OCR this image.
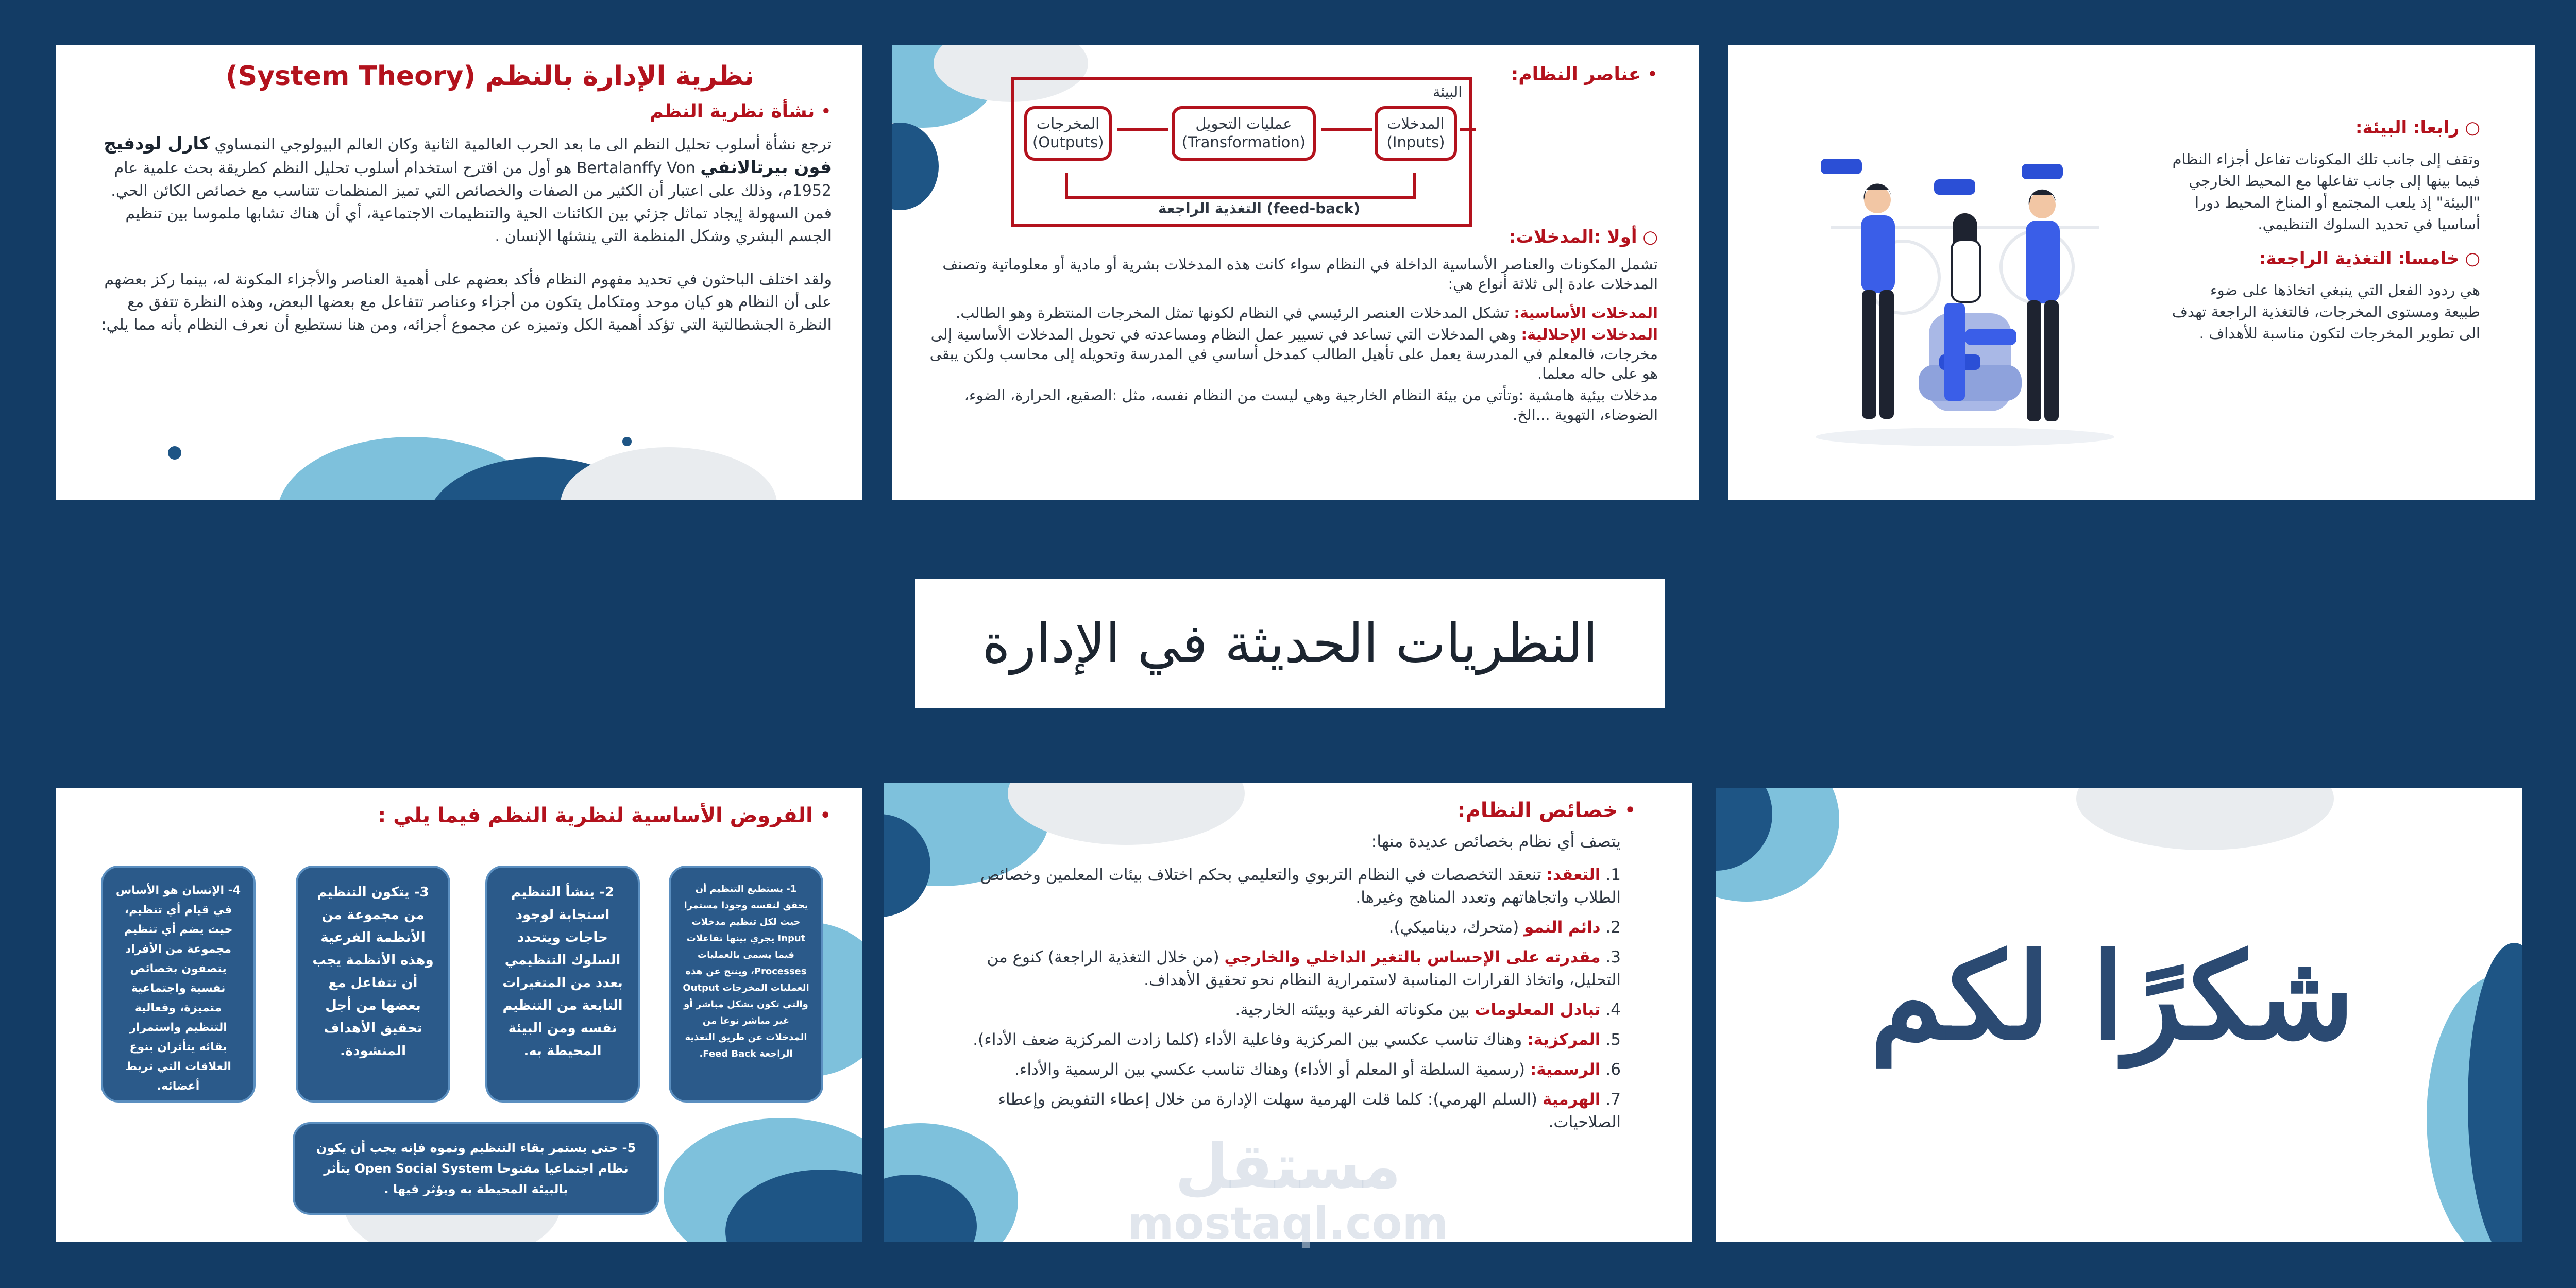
نظرية الإدارة بالنظم (System Theory)
• نشأة نظرية النظم

ترجع نشأة أسلوب تحليل النظم الى ما بعد الحرب العالمية الثانية وكان العالم البيولوجي النمساوي كارل لودفيج فون بيرتالانفي Bertalanffy Von هو أول من اقترح استخدام أسلوب تحليل النظم كطريقة بحث علمية عام 1952م، وذلك على اعتبار أن الكثير من الصفات والخصائص التي تميز المنظمات تتناسب مع خصائص الكائن الحي. فمن السهولة إيجاد تماثل جزئي بين الكائنات الحية والتنظيمات الاجتماعية، أي أن هناك تشابها ملموسا بين تنظيم الجسم البشري وشكل المنظمة التي ينشئها الإنسان .

ولقد اختلف الباحثون في تحديد مفهوم النظام فأكد بعضهم على أهمية العناصر والأجزاء المكونة له، بينما ركز بعضهم على أن النظام هو كيان موحد ومتكامل يتكون من أجزاء وعناصر تتفاعل مع بعضها البعض، وهذه النظرة تتفق مع النظرة الجشطالتية التي تؤكد أهمية الكل وتميزه عن مجموع أجزائه، ومن هنا نستطيع أن نعرف النظام بأنه مما يلي:

• عناصر النظام:
البيئة
المدخلات (Inputs)
عمليات التحويل (Transformation)
المخرجات (Outputs)
التغذية الراجعة (feed-back)
○ أولا :المدخلات:

تشمل المكونات والعناصر الأساسية الداخلة في النظام سواء كانت هذه المدخلات بشرية أو مادية أو معلوماتية وتصنف المدخلات عادة إلى ثلاثة أنواع هي:

المدخلات الأساسية: تشكل المدخلات العنصر الرئيسي في النظام لكونها تمثل المخرجات المنتظرة وهو الطالب.

المدخلات الإحلالية: وهي المدخلات التي تساعد في تسيير عمل النظام ومساعدته في تحويل المدخلات الأساسية إلى مخرجات، فالمعلم في المدرسة يعمل على تأهيل الطالب كمدخل أساسي في المدرسة وتحويله إلى محاسب ولكن يبقى هو على حاله معلما.

مدخلات بيئية هامشية :وتأتي من بيئة النظام الخارجية وهي ليست من النظام نفسه، مثل :الصقيع، الحرارة، الضوء، الضوضاء، التهوية ...الخ.

○ رابعا: البيئة:

وتقف إلى جانب تلك المكونات تفاعل أجزاء النظام فيما بينها إلى جانب تفاعلها مع المحيط الخارجي "البيئة" إذ يلعب المجتمع أو المناخ المحيط دورا أساسيا في تحديد السلوك التنظيمي.

○ خامسا: التغذية الراجعة:

هي ردود الفعل التي ينبغي اتخاذها على ضوء طبيعة ومستوى المخرجات، فالتغذية الراجعة تهدف الى تطوير المخرجات لتكون مناسبة للأهداف .

النظريات الحديثة في الإدارة
• الفروض الأساسية لنظرية النظم فيما يلي :
1- يستطيع التنظيم أن يحقق لنفسه وجودا مستمرا حيث لكل تنظيم مدخلات Input يجري بينها تفاعلات فيما يسمى بالعمليات Processes، وينتج عن هذه العمليات المخرجات Output والتي تكون بشكل مباشر أو غير مباشر نوعا من المدخلات عن طريق التغذية الراجعة Feed Back.
2- ينشأ التنظيم استجابة لوجود حاجات ويتحدد السلوك التنظيمي بعدد من المتغيرات التابعة من التنظيم نفسه ومن البيئة المحيطة به.
3- يتكون التنظيم من مجموعة من الأنظمة الفرعية وهذه الأنظمة يجب أن تتفاعل مع بعضها من أجل تحقيق الأهداف المنشودة.
4- الإنسان هو الأساس في قيام أي تنظيم، حيث يضم أي تنظيم مجموعة من الأفراد يتصفون بخصائص نفسية واجتماعية متميزة، وفعالية التنظيم واستمرار بقائه يتأثران بنوع العلاقات التي تربط أعضائه.
5- حتى يستمر بقاء التنظيم ونموه فإنه يجب أن يكون نظام اجتماعيا مفتوحا Open Social System يتأثر بالبيئة المحيطة به ويؤثر فيها .
• خصائص النظام:

يتصف أي نظام بخصائص عديدة منها:

1. التعقد: تنعقد التخصصات في النظام التربوي والتعليمي بحكم اختلاف بيئات المعلمين وخصائص الطلاب واتجاهاتهم وتعدد المناهج وغيرها.
2. دائم النمو (متحرك، ديناميكي).
3. مقدرته على الإحساس بالتغير الداخلي والخارجي (من خلال التغذية الراجعة) كنوع من التحليل، واتخاذ القرارات المناسبة لاستمرارية النظام نحو تحقيق الأهداف.
4. تبادل المعلومات بين مكوناته الفرعية وبيئته الخارجية.
5. المركزية: وهناك تناسب عكسي بين المركزية وفاعلية الأداء (كلما زادت المركزية ضعف الأداء).
6. الرسمية: (رسمية السلطة أو المعلم أو الأداء) وهناك تناسب عكسي بين الرسمية والأداء.
7. الهرمية (السلم الهرمي): كلما قلت الهرمية سهلت الإدارة من خلال إعطاء التفويض وإعطاء الصلاحيات.
شكرًا لكم
مستقل
mostaql.com
